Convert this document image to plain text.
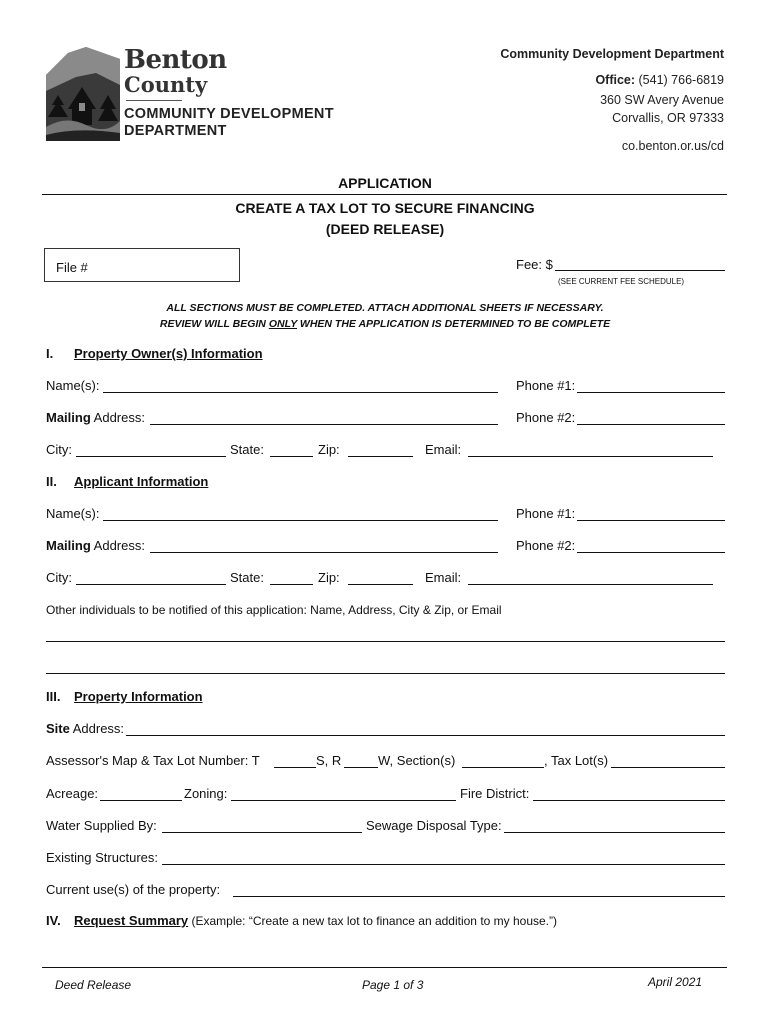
Benton
County
COMMUNITY DEVELOPMENT
DEPARTMENT
Community Development Department
Office: (541) 766-6819
360 SW Avery Avenue
Corvallis, OR 97333
co.benton.or.us/cd
APPLICATION
CREATE A TAX LOT TO SECURE FINANCING
(DEED RELEASE)
File #	Fee: $
(SEE CURRENT FEE SCHEDULE)
ALL SECTIONS MUST BE COMPLETED. ATTACH ADDITIONAL SHEETS IF NECESSARY.
REVIEW WILL BEGIN ONLY WHEN THE APPLICATION IS DETERMINED TO BE COMPLETE
I. Property Owner(s) Information
Name(s):	Phone #1:
Mailing Address:	Phone #2:
City:	State:	Zip:	Email:
II. Applicant Information
Name(s):	Phone #1:
Mailing Address:	Phone #2:
City:	State:	Zip:	Email:
Other individuals to be notified of this application: Name, Address, City & Zip, or Email
III. Property Information
Site Address:
Assessor's Map & Tax Lot Number: T	S, R	W, Section(s)	, Tax Lot(s)
Acreage:	Zoning:	Fire District:
Water Supplied By:	Sewage Disposal Type:
Existing Structures:
Current use(s) of the property:
IV. Request Summary (Example: “Create a new tax lot to finance an addition to my house.”)
Deed Release	Page 1 of 3	April 2021
